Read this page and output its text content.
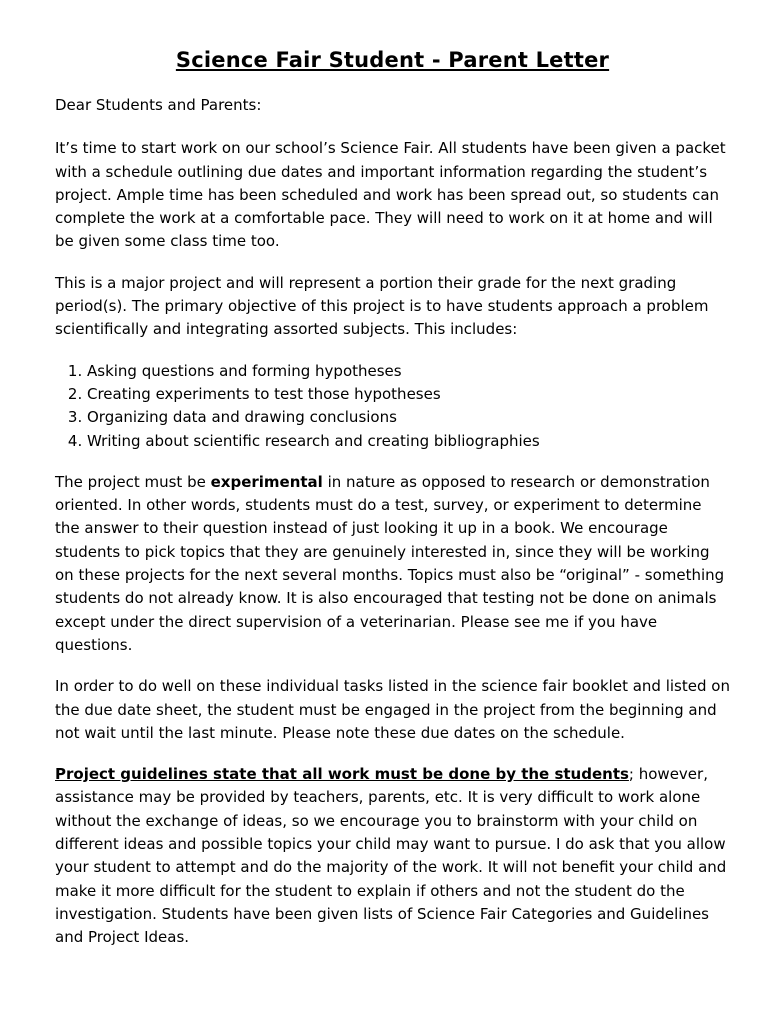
Science Fair Student - Parent Letter

Dear Students and Parents:

It’s time to start work on our school’s Science Fair. All students have been given a packet with a schedule outlining due dates and important information regarding the student’s project. Ample time has been scheduled and work has been spread out, so students can complete the work at a comfortable pace. They will need to work on it at home and will be given some class time too.

This is a major project and will represent a portion their grade for the next grading period(s). The primary objective of this project is to have students approach a problem scientifically and integrating assorted subjects. This includes:

1. Asking questions and forming hypotheses
2. Creating experiments to test those hypotheses
3. Organizing data and drawing conclusions
4. Writing about scientific research and creating bibliographies

The project must be experimental in nature as opposed to research or demonstration oriented. In other words, students must do a test, survey, or experiment to determine the answer to their question instead of just looking it up in a book. We encourage students to pick topics that they are genuinely interested in, since they will be working on these projects for the next several months. Topics must also be “original” - something students do not already know. It is also encouraged that testing not be done on animals except under the direct supervision of a veterinarian. Please see me if you have questions.

In order to do well on these individual tasks listed in the science fair booklet and listed on the due date sheet, the student must be engaged in the project from the beginning and not wait until the last minute. Please note these due dates on the schedule.

Project guidelines state that all work must be done by the students; however, assistance may be provided by teachers, parents, etc. It is very difficult to work alone without the exchange of ideas, so we encourage you to brainstorm with your child on different ideas and possible topics your child may want to pursue. I do ask that you allow your student to attempt and do the majority of the work. It will not benefit your child and make it more difficult for the student to explain if others and not the student do the investigation. Students have been given lists of Science Fair Categories and Guidelines and Project Ideas.
